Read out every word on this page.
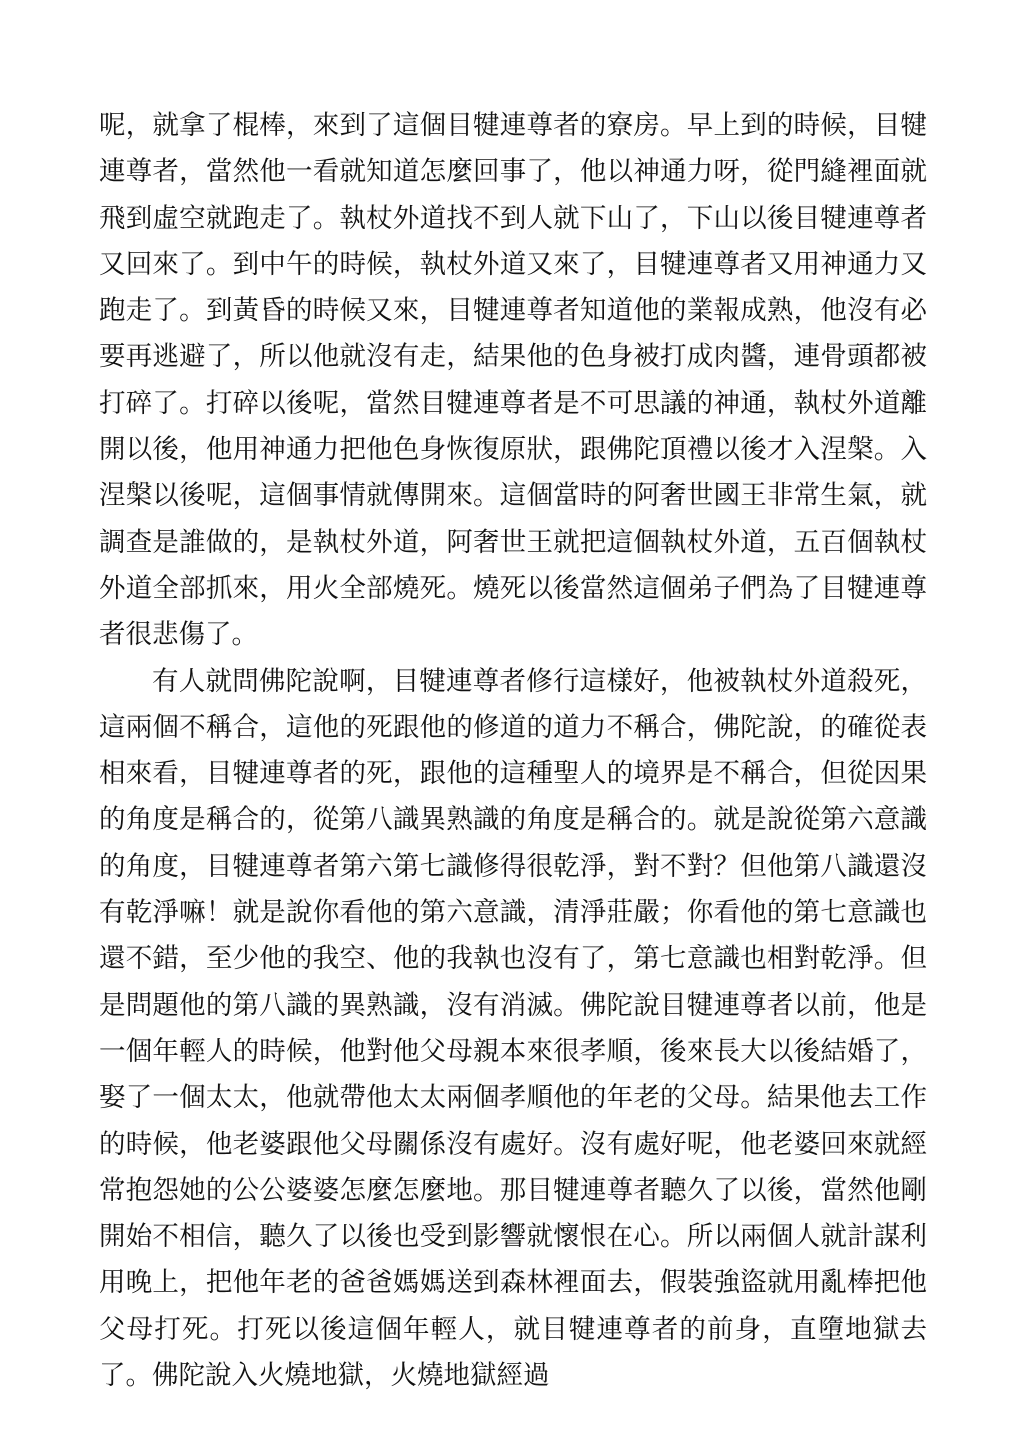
呢，就拿了棍棒，來到了這個目犍連尊者的寮房。早上到的時候，目犍連尊者，當然他一看就知道怎麼回事了，他以神通力呀，從門縫裡面就飛到虛空就跑走了。執杖外道找不到人就下山了，下山以後目犍連尊者又回來了。到中午的時候，執杖外道又來了，目犍連尊者又用神通力又跑走了。到黃昏的時候又來，目犍連尊者知道他的業報成熟，他沒有必要再逃避了，所以他就沒有走，結果他的色身被打成肉醬，連骨頭都被打碎了。打碎以後呢，當然目犍連尊者是不可思議的神通，執杖外道離開以後，他用神通力把他色身恢復原狀，跟佛陀頂禮以後才入涅槃。入涅槃以後呢，這個事情就傳開來。這個當時的阿奢世國王非常生氣，就調查是誰做的，是執杖外道，阿奢世王就把這個執杖外道，五百個執杖外道全部抓來，用火全部燒死。燒死以後當然這個弟子們為了目犍連尊者很悲傷了。

有人就問佛陀說啊，目犍連尊者修行這樣好，他被執杖外道殺死，這兩個不稱合，這他的死跟他的修道的道力不稱合，佛陀說，的確從表相來看，目犍連尊者的死，跟他的這種聖人的境界是不稱合，但從因果的角度是稱合的，從第八識異熟識的角度是稱合的。就是說從第六意識的角度，目犍連尊者第六第七識修得很乾淨，對不對？但他第八識還沒有乾淨嘛！就是說你看他的第六意識，清淨莊嚴；你看他的第七意識也還不錯，至少他的我空、他的我執也沒有了，第七意識也相對乾淨。但是問題他的第八識的異熟識，沒有消滅。佛陀說目犍連尊者以前，他是一個年輕人的時候，他對他父母親本來很孝順，後來長大以後結婚了，娶了一個太太，他就帶他太太兩個孝順他的年老的父母。結果他去工作的時候，他老婆跟他父母關係沒有處好。沒有處好呢，他老婆回來就經常抱怨她的公公婆婆怎麼怎麼地。那目犍連尊者聽久了以後，當然他剛開始不相信，聽久了以後也受到影響就懷恨在心。所以兩個人就計謀利用晚上，把他年老的爸爸媽媽送到森林裡面去，假裝強盜就用亂棒把他父母打死。打死以後這個年輕人，就目犍連尊者的前身，直墮地獄去了。佛陀說入火燒地獄，火燒地獄經過
